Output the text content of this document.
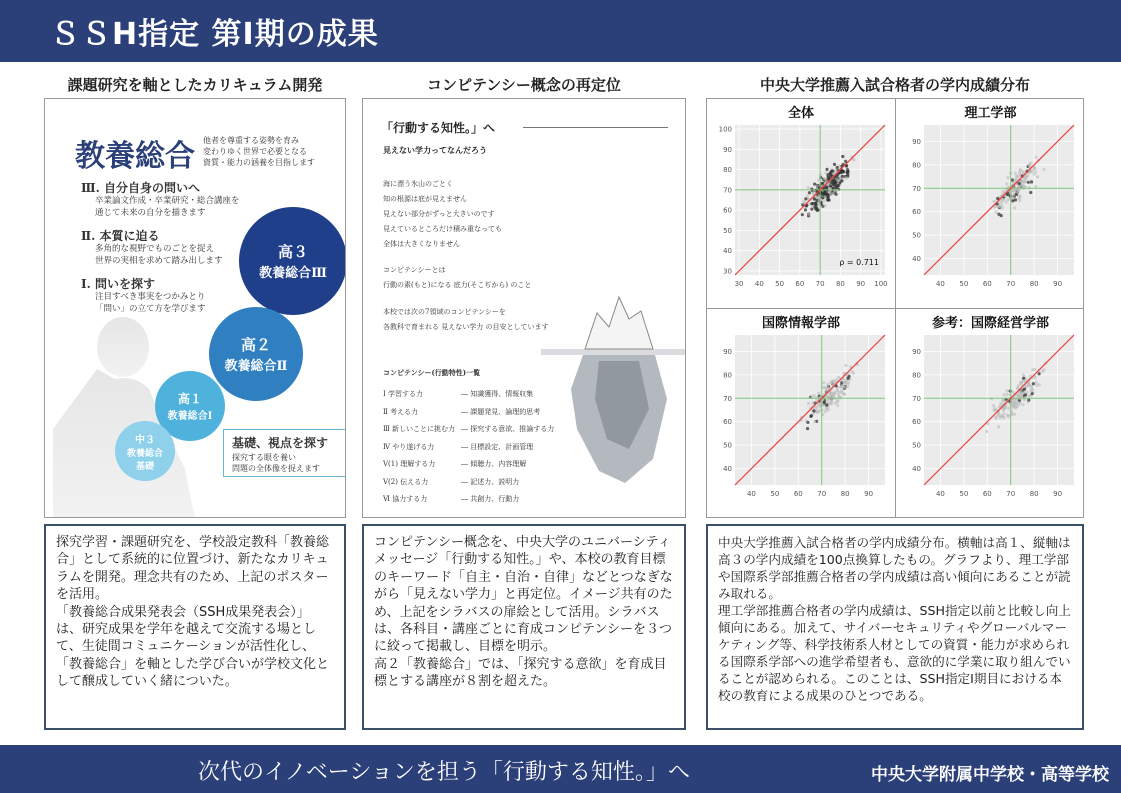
ＳＳH指定 第Ⅰ期の成果
課題研究を軸としたカリキュラム開発	コンピテンシー概念の再定位	中央大学推薦入試合格者の学内成績分布
教養総合 他者を尊重する姿勢を育み
変わりゆく世界で必要となる
資質・能力の涵養を目指します
Ⅲ. 自分自身の問いへ
卒業論文作成・卒業研究・総合講座を
通じて未来の自分を描きます
Ⅱ. 本質に迫る
多角的な視野でものごとを捉え
世界の実相を求めて踏み出します
Ⅰ. 問いを探す
注目すべき事実をつかみとり
「問い」の立て方を学びます
高３
教養総合Ⅲ
高２
教養総合Ⅱ
高１
教養総合Ⅰ
中３
教養総合
基礎
基礎、視点を探す
探究する眼を養い
問題の全体像を捉えます
「行動する知性。」へ
見えない学力ってなんだろう
海に漂う氷山のごとく
知の根源は底が見えません
見えない部分がずっと大きいのです
見えているところだけ積み重なっても
全体は大きくなりません
コンピテンシーとは
行動の素(もと)になる 底力(そこぢから) のこと
本校では次の7領域のコンピテンシーを
各教科で育まれる 見えない学力 の目安としています
コンピテンシー(行動特性)一覧
Ⅰ 学習する力	― 知識獲得、情報収集
Ⅱ 考える力	― 課題発見、論理的思考
Ⅲ 新しいことに挑む力 ― 探究する意欲、推論する力
Ⅳ やり遂げる力	― 目標設定、計画管理
Ⅴ(1) 理解する力	― 傾聴力、内容理解
Ⅴ(2) 伝える力	― 記述力、説明力
Ⅵ 協力する力	― 共創力、行動力
全体
30 40 50 60 70 80 90 100
30
40
50
60
70
80
90
100
ρ = 0.711
理工学部
40 50 60 70 80 90
40
50
60
70
80
90
国際情報学部
40 50 60 70 80 90
40
50
60
70
80
90
参考：国際経営学部
40 50 60 70 80 90
40
50
60
70
80
90
探究学習・課題研究を、学校設定教科「教養総合」として系統的に位置づけ、新たなカリキュラムを開発。理念共有のため、上記のポスターを活用。
「教養総合成果発表会（SSH成果発表会）」は、研究成果を学年を越えて交流する場として、生徒間コミュニケーションが活性化し、「教養総合」を軸とした学び合いが学校文化として醸成していく緒についた。
コンピテンシー概念を、中央大学のユニバーシティメッセージ「行動する知性。」や、本校の教育目標のキーワード「自主・自治・自律」などとつなぎながら「見えない学力」と再定位。イメージ共有のため、上記をシラバスの扉絵として活用。シラバスは、各科目・講座ごとに育成コンピテンシーを３つに絞って掲載し、目標を明示。
高２「教養総合」では、「探究する意欲」を育成目標とする講座が８割を超えた。
中央大学推薦入試合格者の学内成績分布。横軸は高１、縦軸は高３の学内成績を100点換算したもの。グラフより、理工学部や国際系学部推薦合格者の学内成績は高い傾向にあることが読み取れる。
理工学部推薦合格者の学内成績は、SSH指定以前と比較し向上傾向にある。加えて、サイバーセキュリティやグローバルマーケティング等、科学技術系人材としての資質・能力が求められる国際系学部への進学希望者も、意欲的に学業に取り組んでいることが認められる。このことは、SSH指定Ⅰ期目における本校の教育による成果のひとつである。
次代のイノベーションを担う「行動する知性。」へ	中央大学附属中学校・高等学校
